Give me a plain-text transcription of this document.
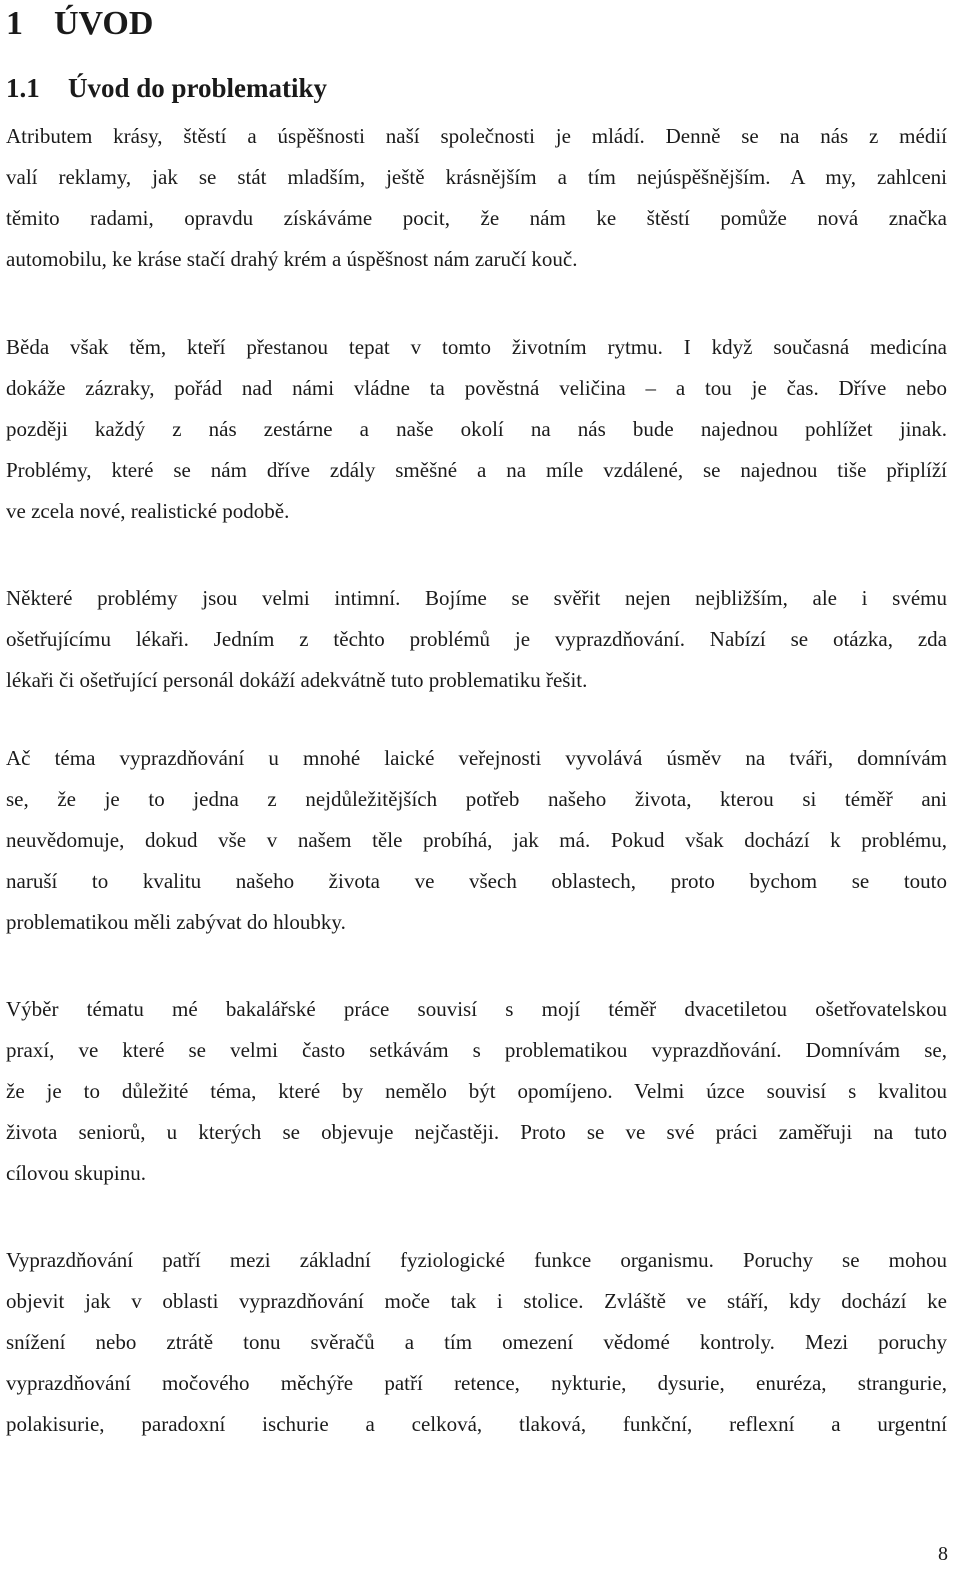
1 ÚVOD
1.1 Úvod do problematiky
Atributem krásy, štěstí a úspěšnosti naší společnosti je mládí. Denně se na nás z médií
valí reklamy, jak se stát mladším, ještě krásnějším a tím nejúspěšnějším. A my, zahlceni
těmito radami, opravdu získáváme pocit, že nám ke štěstí pomůže nová značka
automobilu, ke kráse stačí drahý krém a úspěšnost nám zaručí kouč.
Běda však těm, kteří přestanou tepat v tomto životním rytmu. I když současná medicína
dokáže zázraky, pořád nad námi vládne ta pověstná veličina – a tou je čas. Dříve nebo
později každý z nás zestárne a naše okolí na nás bude najednou pohlížet jinak.
Problémy, které se nám dříve zdály směšné a na míle vzdálené, se najednou tiše připlíží
ve zcela nové, realistické podobě.
Některé problémy jsou velmi intimní. Bojíme se svěřit nejen nejbližším, ale i svému
ošetřujícímu lékaři. Jedním z těchto problémů je vyprazdňování. Nabízí se otázka, zda
lékaři či ošetřující personál dokáží adekvátně tuto problematiku řešit.
Ač téma vyprazdňování u mnohé laické veřejnosti vyvolává úsměv na tváři, domnívám
se, že je to jedna z nejdůležitějších potřeb našeho života, kterou si téměř ani
neuvědomuje, dokud vše v našem těle probíhá, jak má. Pokud však dochází k problému,
naruší to kvalitu našeho života ve všech oblastech, proto bychom se touto
problematikou měli zabývat do hloubky.
Výběr tématu mé bakalářské práce souvisí s mojí téměř dvacetiletou ošetřovatelskou
praxí, ve které se velmi často setkávám s problematikou vyprazdňování. Domnívám se,
že je to důležité téma, které by nemělo být opomíjeno. Velmi úzce souvisí s kvalitou
života seniorů, u kterých se objevuje nejčastěji. Proto se ve své práci zaměřuji na tuto
cílovou skupinu.
Vyprazdňování patří mezi základní fyziologické funkce organismu. Poruchy se mohou
objevit jak v oblasti vyprazdňování moče tak i stolice. Zvláště ve stáří, kdy dochází ke
snížení nebo ztrátě tonu svěračů a tím omezení vědomé kontroly. Mezi poruchy
vyprazdňování močového měchýře patří retence, nykturie, dysurie, enuréza, strangurie,
polakisurie, paradoxní ischurie a celková, tlaková, funkční, reflexní a urgentní
8
